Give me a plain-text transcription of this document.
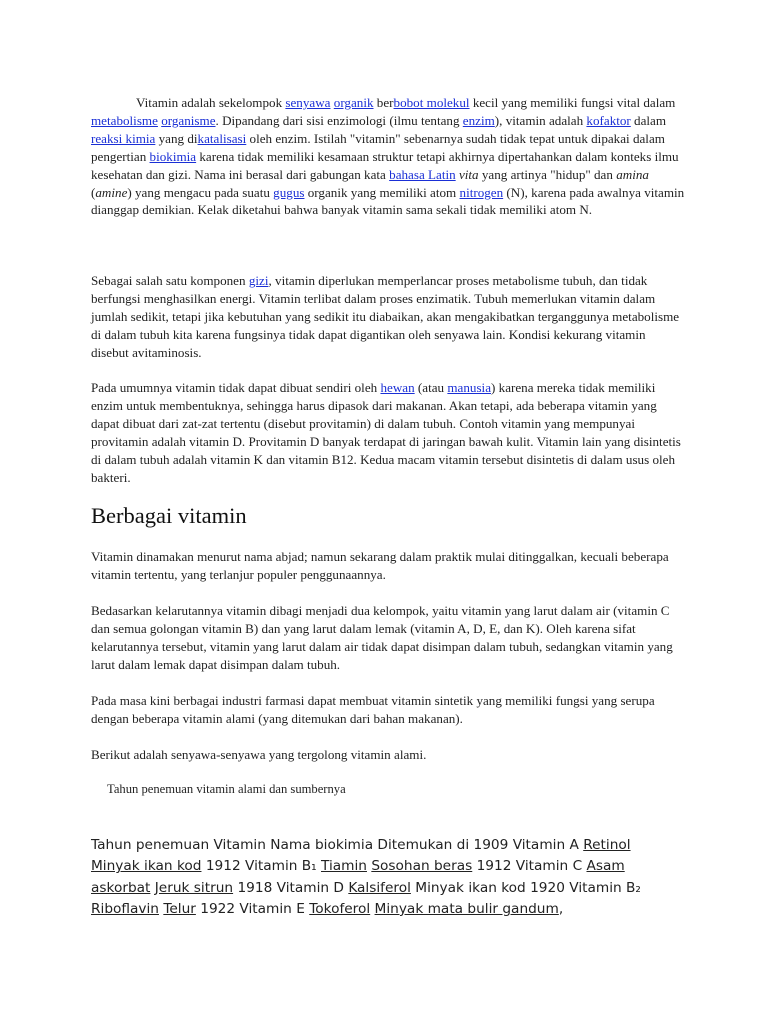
Vitamin adalah sekelompok senyawa organik berbobot molekul kecil yang memiliki fungsi vital dalam metabolisme organisme. Dipandang dari sisi enzimologi (ilmu tentang enzim), vitamin adalah kofaktor dalam reaksi kimia yang dikatalisasi oleh enzim. Istilah "vitamin" sebenarnya sudah tidak tepat untuk dipakai dalam pengertian biokimia karena tidak memiliki kesamaan struktur tetapi akhirnya dipertahankan dalam konteks ilmu kesehatan dan gizi. Nama ini berasal dari gabungan kata bahasa Latin vita yang artinya "hidup" dan amina (amine) yang mengacu pada suatu gugus organik yang memiliki atom nitrogen (N), karena pada awalnya vitamin dianggap demikian. Kelak diketahui bahwa banyak vitamin sama sekali tidak memiliki atom N.

Sebagai salah satu komponen gizi, vitamin diperlukan memperlancar proses metabolisme tubuh, dan tidak berfungsi menghasilkan energi. Vitamin terlibat dalam proses enzimatik. Tubuh memerlukan vitamin dalam jumlah sedikit, tetapi jika kebutuhan yang sedikit itu diabaikan, akan mengakibatkan terganggunya metabolisme di dalam tubuh kita karena fungsinya tidak dapat digantikan oleh senyawa lain. Kondisi kekurang vitamin disebut avitaminosis.

Pada umumnya vitamin tidak dapat dibuat sendiri oleh hewan (atau manusia) karena mereka tidak memiliki enzim untuk membentuknya, sehingga harus dipasok dari makanan. Akan tetapi, ada beberapa vitamin yang dapat dibuat dari zat-zat tertentu (disebut provitamin) di dalam tubuh. Contoh vitamin yang mempunyai provitamin adalah vitamin D. Provitamin D banyak terdapat di jaringan bawah kulit. Vitamin lain yang disintetis di dalam tubuh adalah vitamin K dan vitamin B12. Kedua macam vitamin tersebut disintetis di dalam usus oleh bakteri.

Berbagai vitamin

Vitamin dinamakan menurut nama abjad; namun sekarang dalam praktik mulai ditinggalkan, kecuali beberapa vitamin tertentu, yang terlanjur populer penggunaannya.

Bedasarkan kelarutannya vitamin dibagi menjadi dua kelompok, yaitu vitamin yang larut dalam air (vitamin C dan semua golongan vitamin B) dan yang larut dalam lemak (vitamin A, D, E, dan K). Oleh karena sifat kelarutannya tersebut, vitamin yang larut dalam air tidak dapat disimpan dalam tubuh, sedangkan vitamin yang larut dalam lemak dapat disimpan dalam tubuh.

Pada masa kini berbagai industri farmasi dapat membuat vitamin sintetik yang memiliki fungsi yang serupa dengan beberapa vitamin alami (yang ditemukan dari bahan makanan).

Berikut adalah senyawa-senyawa yang tergolong vitamin alami.

Tahun penemuan vitamin alami dan sumbernya

Tahun penemuan Vitamin Nama biokimia Ditemukan di 1909 Vitamin A Retinol Minyak ikan kod 1912 Vitamin B₁ Tiamin Sosohan beras 1912 Vitamin C Asam askorbat Jeruk sitrun 1918 Vitamin D Kalsiferol Minyak ikan kod 1920 Vitamin B₂ Riboflavin Telur 1922 Vitamin E Tokoferol Minyak mata bulir gandum,
